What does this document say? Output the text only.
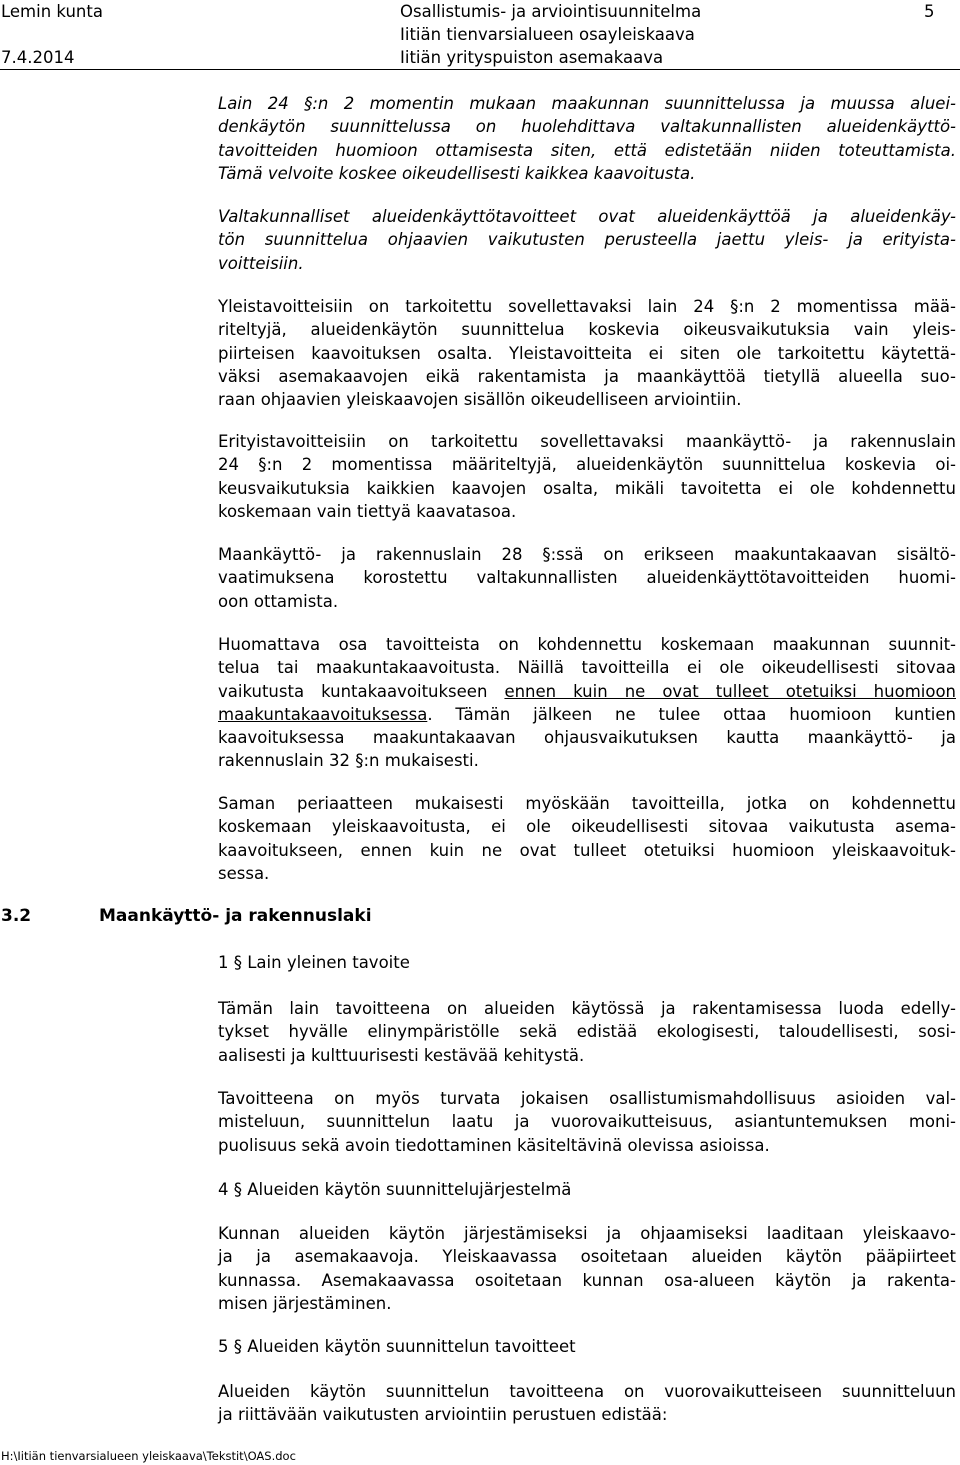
Lemin kunta
7.4.2014
Osallistumis- ja arviointisuunnitelma
Iitiän tienvarsialueen osayleiskaava
Iitiän yrityspuiston asemakaava
5
Lain 24 §:n 2 momentin mukaan maakunnan suunnittelussa ja muussa aluei-
denkäytön suunnittelussa on huolehdittava valtakunnallisten alueidenkäyttö-
tavoitteiden huomioon ottamisesta siten, että edistetään niiden toteuttamista.
Tämä velvoite koskee oikeudellisesti kaikkea kaavoitusta.
Valtakunnalliset alueidenkäyttötavoitteet ovat alueidenkäyttöä ja alueidenkäy-
tön suunnittelua ohjaavien vaikutusten perusteella jaettu yleis- ja erityista-
voitteisiin.
Yleistavoitteisiin on tarkoitettu sovellettavaksi lain 24 §:n 2 momentissa mää-
riteltyjä, alueidenkäytön suunnittelua koskevia oikeusvaikutuksia vain yleis-
piirteisen kaavoituksen osalta. Yleistavoitteita ei siten ole tarkoitettu käytettä-
väksi asemakaavojen eikä rakentamista ja maankäyttöä tietyllä alueella suo-
raan ohjaavien yleiskaavojen sisällön oikeudelliseen arviointiin.
Erityistavoitteisiin on tarkoitettu sovellettavaksi maankäyttö- ja rakennuslain
24 §:n 2 momentissa määriteltyjä, alueidenkäytön suunnittelua koskevia oi-
keusvaikutuksia kaikkien kaavojen osalta, mikäli tavoitetta ei ole kohdennettu
koskemaan vain tiettyä kaavatasoa.
Maankäyttö- ja rakennuslain 28 §:ssä on erikseen maakuntakaavan sisältö-
vaatimuksena korostettu valtakunnallisten alueidenkäyttötavoitteiden huomi-
oon ottamista.
Huomattava osa tavoitteista on kohdennettu koskemaan maakunnan suunnit-
telua tai maakuntakaavoitusta. Näillä tavoitteilla ei ole oikeudellisesti sitovaa
vaikutusta kuntakaavoitukseen ennen kuin ne ovat tulleet otetuiksi huomioon
maakuntakaavoituksessa. Tämän jälkeen ne tulee ottaa huomioon kuntien
kaavoituksessa maakuntakaavan ohjausvaikutuksen kautta maankäyttö- ja
rakennuslain 32 §:n mukaisesti.
Saman periaatteen mukaisesti myöskään tavoitteilla, jotka on kohdennettu
koskemaan yleiskaavoitusta, ei ole oikeudellisesti sitovaa vaikutusta asema-
kaavoitukseen, ennen kuin ne ovat tulleet otetuiksi huomioon yleiskaavoituk-
sessa.
3.2	Maankäyttö- ja rakennuslaki
1 § Lain yleinen tavoite
Tämän lain tavoitteena on alueiden käytössä ja rakentamisessa luoda edelly-
tykset hyvälle elinympäristölle sekä edistää ekologisesti, taloudellisesti, sosi-
aalisesti ja kulttuurisesti kestävää kehitystä.
Tavoitteena on myös turvata jokaisen osallistumismahdollisuus asioiden val-
misteluun, suunnittelun laatu ja vuorovaikutteisuus, asiantuntemuksen moni-
puolisuus sekä avoin tiedottaminen käsiteltävinä olevissa asioissa.
4 § Alueiden käytön suunnittelujärjestelmä
Kunnan alueiden käytön järjestämiseksi ja ohjaamiseksi laaditaan yleiskaavo-
ja ja asemakaavoja. Yleiskaavassa osoitetaan alueiden käytön pääpiirteet
kunnassa. Asemakaavassa osoitetaan kunnan osa-alueen käytön ja rakenta-
misen järjestäminen.
5 § Alueiden käytön suunnittelun tavoitteet
Alueiden käytön suunnittelun tavoitteena on vuorovaikutteiseen suunnitteluun
ja riittävään vaikutusten arviointiin perustuen edistää:
H:\Iitiän tienvarsialueen yleiskaava\Tekstit\OAS.doc
